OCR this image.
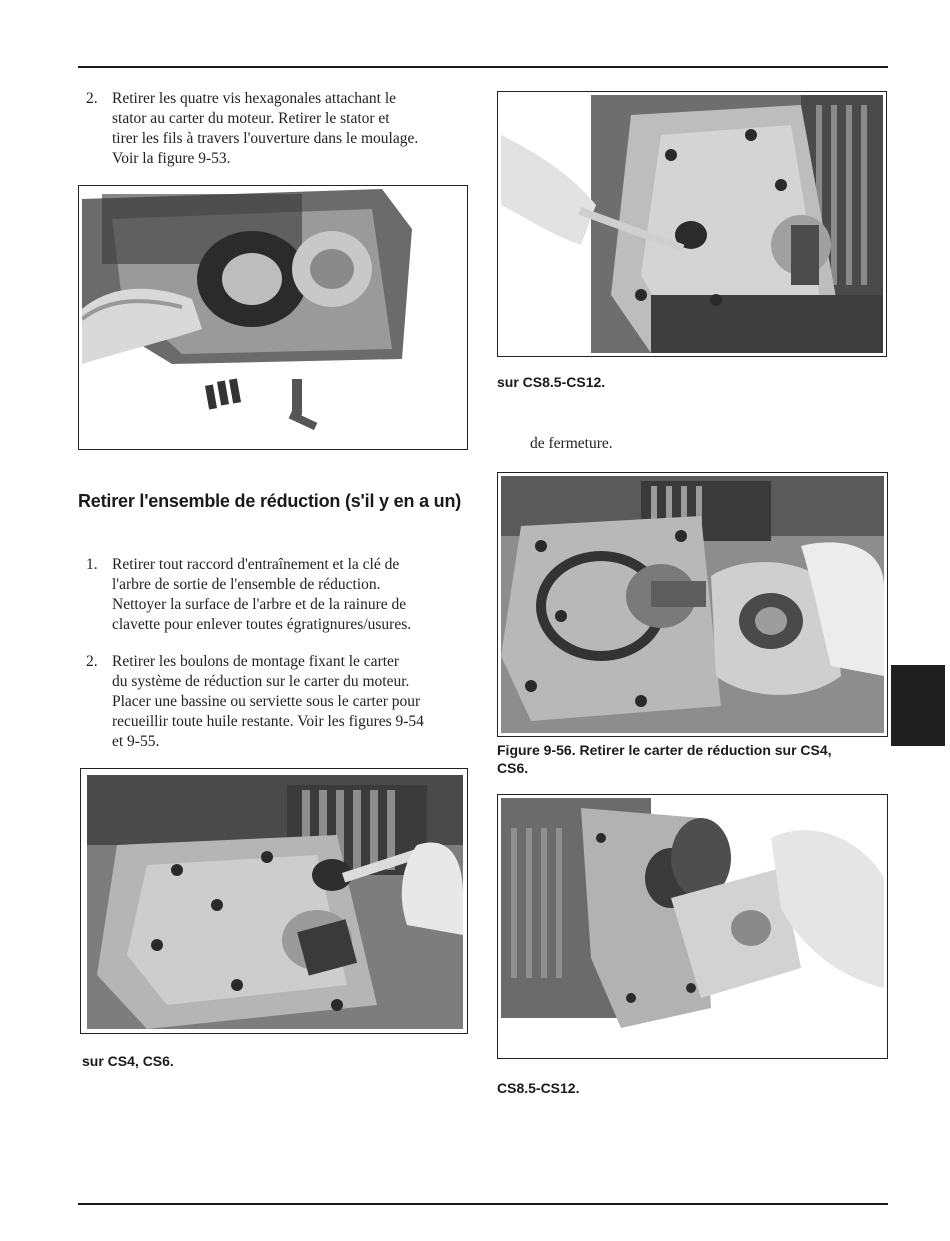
2. Retirer les quatre vis hexagonales attachant le
stator au carter du moteur. Retirer le stator et
tirer les fils à travers l'ouverture dans le moulage.
Voir la figure 9-53.
Retirer l'ensemble de réduction (s'il y en a un)
1. Retirer tout raccord d'entraînement et la clé de
l'arbre de sortie de l'ensemble de réduction.
Nettoyer la surface de l'arbre et de la rainure de
clavette pour enlever toutes égratignures/usures.
2. Retirer les boulons de montage fixant le carter
du système de réduction sur le carter du moteur.
Placer une bassine ou serviette sous le carter pour
recueillir toute huile restante. Voir les figures 9-54
et 9-55.
sur CS4, CS6.
sur CS8.5-CS12.
de fermeture.
Figure 9-56. Retirer le carter de réduction sur CS4,
CS6.
CS8.5-CS12.
